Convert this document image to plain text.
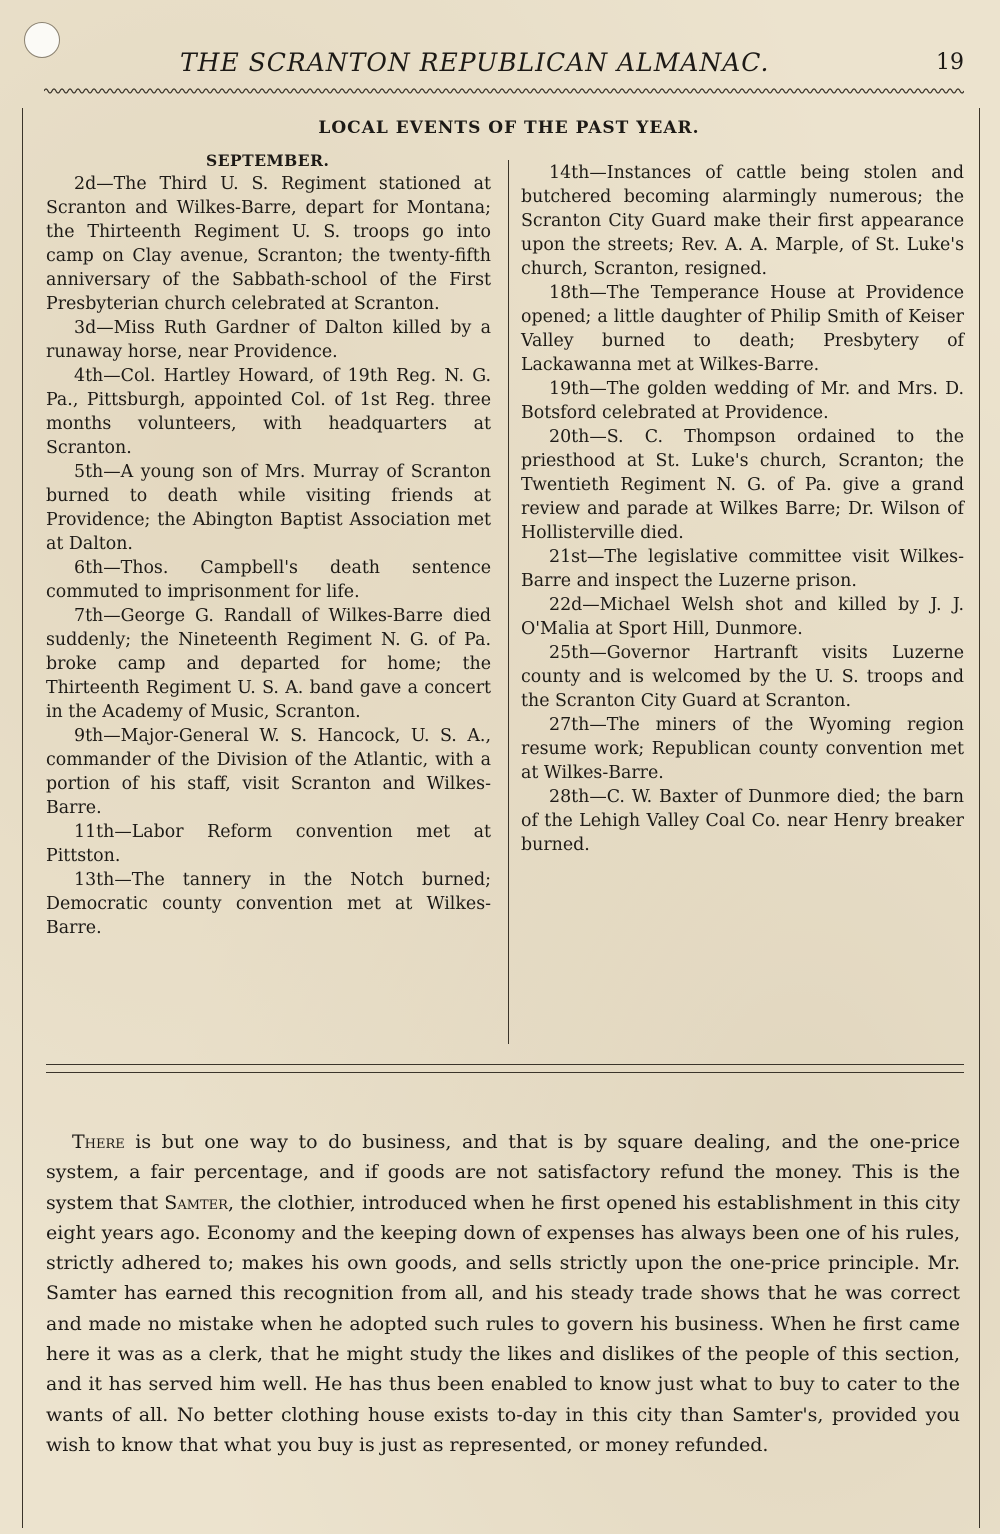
THE SCRANTON REPUBLICAN ALMANAC.	19
LOCAL EVENTS OF THE PAST YEAR.
SEPTEMBER.

2d—The Third U. S. Regiment stationed at Scranton and Wilkes-Barre, depart for Montana; the Thirteenth Regiment U. S. troops go into camp on Clay avenue, Scranton; the twenty-fifth anniversary of the Sabbath-school of the First Presbyterian church celebrated at Scranton.

3d—Miss Ruth Gardner of Dalton killed by a runaway horse, near Providence.

4th—Col. Hartley Howard, of 19th Reg. N. G. Pa., Pittsburgh, appointed Col. of 1st Reg. three months volunteers, with headquarters at Scranton.

5th—A young son of Mrs. Murray of Scranton burned to death while visiting friends at Providence; the Abington Baptist Association met at Dalton.

6th—Thos. Campbell's death sentence commuted to imprisonment for life.

7th—George G. Randall of Wilkes-Barre died suddenly; the Nineteenth Regiment N. G. of Pa. broke camp and departed for home; the Thirteenth Regiment U. S. A. band gave a concert in the Academy of Music, Scranton.

9th—Major-General W. S. Hancock, U. S. A., commander of the Division of the Atlantic, with a portion of his staff, visit Scranton and Wilkes-Barre.

11th—Labor Reform convention met at Pittston.

13th—The tannery in the Notch burned; Democratic county convention met at Wilkes-Barre.

14th—Instances of cattle being stolen and butchered becoming alarmingly numerous; the Scranton City Guard make their first appearance upon the streets; Rev. A. A. Marple, of St. Luke's church, Scranton, resigned.

18th—The Temperance House at Providence opened; a little daughter of Philip Smith of Keiser Valley burned to death; Presbytery of Lackawanna met at Wilkes-Barre.

19th—The golden wedding of Mr. and Mrs. D. Botsford celebrated at Providence.

20th—S. C. Thompson ordained to the priesthood at St. Luke's church, Scranton; the Twentieth Regiment N. G. of Pa. give a grand review and parade at Wilkes Barre; Dr. Wilson of Hollisterville died.

21st—The legislative committee visit Wilkes-Barre and inspect the Luzerne prison.

22d—Michael Welsh shot and killed by J. J. O'Malia at Sport Hill, Dunmore.

25th—Governor Hartranft visits Luzerne county and is welcomed by the U. S. troops and the Scranton City Guard at Scranton.

27th—The miners of the Wyoming region resume work; Republican county convention met at Wilkes-Barre.

28th—C. W. Baxter of Dunmore died; the barn of the Lehigh Valley Coal Co. near Henry breaker burned.

There is but one way to do business, and that is by square dealing, and the one-price system, a fair percentage, and if goods are not satisfactory refund the money. This is the system that Samter, the clothier, introduced when he first opened his establishment in this city eight years ago. Economy and the keeping down of expenses has always been one of his rules, strictly adhered to; makes his own goods, and sells strictly upon the one-price principle. Mr. Samter has earned this recognition from all, and his steady trade shows that he was correct and made no mistake when he adopted such rules to govern his business. When he first came here it was as a clerk, that he might study the likes and dislikes of the people of this section, and it has served him well. He has thus been enabled to know just what to buy to cater to the wants of all. No better clothing house exists to-day in this city than Samter's, provided you wish to know that what you buy is just as represented, or money refunded.
